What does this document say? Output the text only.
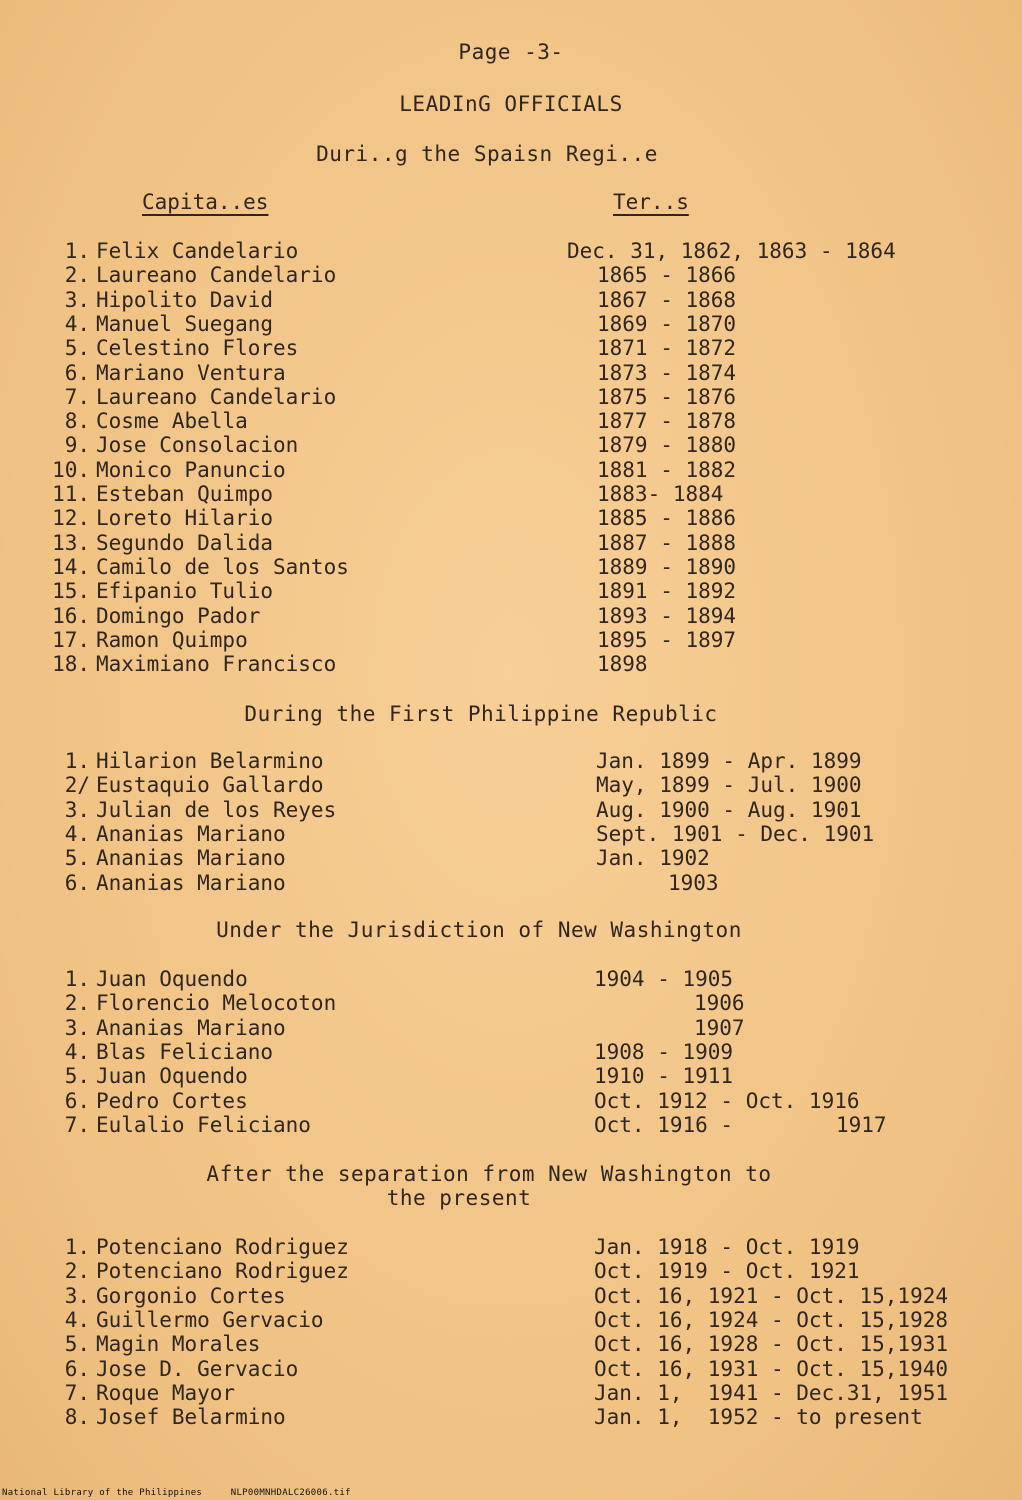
Page -3-
LEADInG OFFICIALS
Duri..g the Spaisn Regi..e
Capita..es	Ter..s
1. Felix Candelario	Dec. 31, 1862, 1863 - 1864
2. Laureano Candelario	1865 - 1866
3. Hipolito David	1867 - 1868
4. Manuel Suegang	1869 - 1870
5. Celestino Flores	1871 - 1872
6. Mariano Ventura	1873 - 1874
7. Laureano Candelario	1875 - 1876
8. Cosme Abella	1877 - 1878
9. Jose Consolacion	1879 - 1880
10. Monico Panuncio	1881 - 1882
11. Esteban Quimpo	1883- 1884
12. Loreto Hilario	1885 - 1886
13. Segundo Dalida	1887 - 1888
14. Camilo de los Santos	1889 - 1890
15. Efipanio Tulio	1891 - 1892
16. Domingo Pador	1893 - 1894
17. Ramon Quimpo	1895 - 1897
18. Maximiano Francisco	1898
During the First Philippine Republic
1. Hilarion Belarmino	Jan. 1899 - Apr. 1899
2/ Eustaquio Gallardo	May, 1899 - Jul. 1900
3. Julian de los Reyes	Aug. 1900 - Aug. 1901
4. Ananias Mariano	Sept. 1901 - Dec. 1901
5. Ananias Mariano	Jan. 1902
6. Ananias Mariano	1903
Under the Jurisdiction of New Washington
1. Juan Oquendo	1904 - 1905
2. Florencio Melocoton	1906
3. Ananias Mariano	1907
4. Blas Feliciano	1908 - 1909
5. Juan Oquendo	1910 - 1911
6. Pedro Cortes	Oct. 1912 - Oct. 1916
7. Eulalio Feliciano	Oct. 1916 -	1917
After the separation from New Washington to
the present
1. Potenciano Rodriguez	Jan. 1918 - Oct. 1919
2. Potenciano Rodriguez	Oct. 1919 - Oct. 1921
3. Gorgonio Cortes	Oct. 16, 1921 - Oct. 15,1924
4. Guillermo Gervacio	Oct. 16, 1924 - Oct. 15,1928
5. Magin Morales	Oct. 16, 1928 - Oct. 15,1931
6. Jose D. Gervacio	Oct. 16, 1931 - Oct. 15,1940
7. Roque Mayor	Jan. 1,  1941 - Dec.31, 1951
8. Josef Belarmino	Jan. 1,  1952 - to present
National Library of the Philippines     NLP00MNHDALC26006.tif
